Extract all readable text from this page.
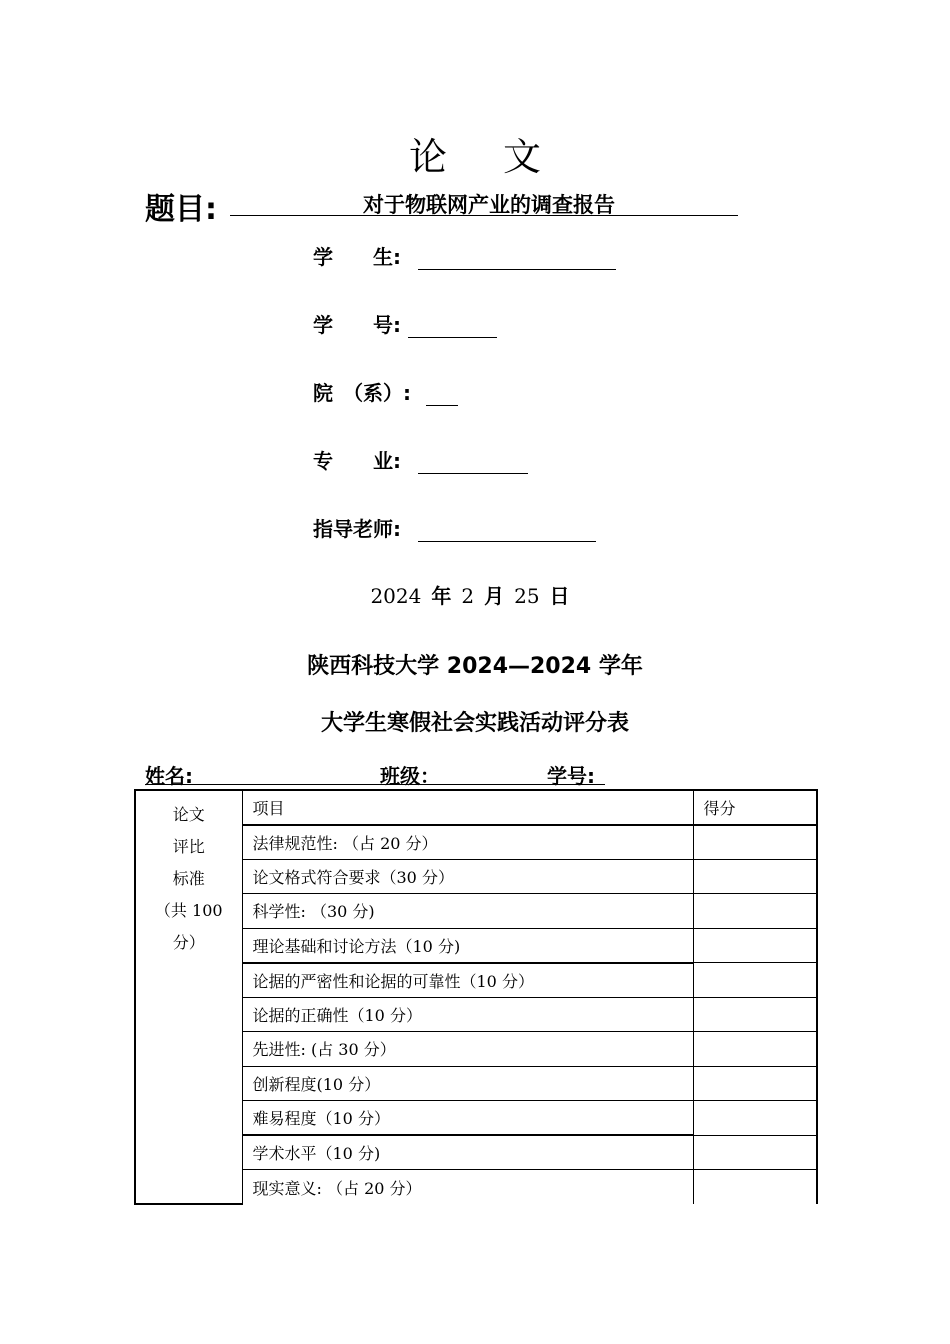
论 文
题目:	对于物联网产业的调查报告
学　　生:
学　　号:
院　（系）:
专　　业:
指导老师:
2024 年 2 月 25 日
陕西科技大学 2024—2024 学年
大学生寒假社会实践活动评分表
姓名:	班级：	学号:
论文
评比
标准
（共 100
分）	项目	得分
	法律规范性: （占 20 分）	
	论文格式符合要求（30 分）	
	科学性: （30 分)	
	理论基础和讨论方法（10 分)	
	论据的严密性和论据的可靠性（10 分）	
	论据的正确性（10 分）	
	先进性: (占 30 分）	
	创新程度(10 分）	
	难易程度（10 分）	
	学术水平（10 分)	
	现实意义: （占 20 分）	
